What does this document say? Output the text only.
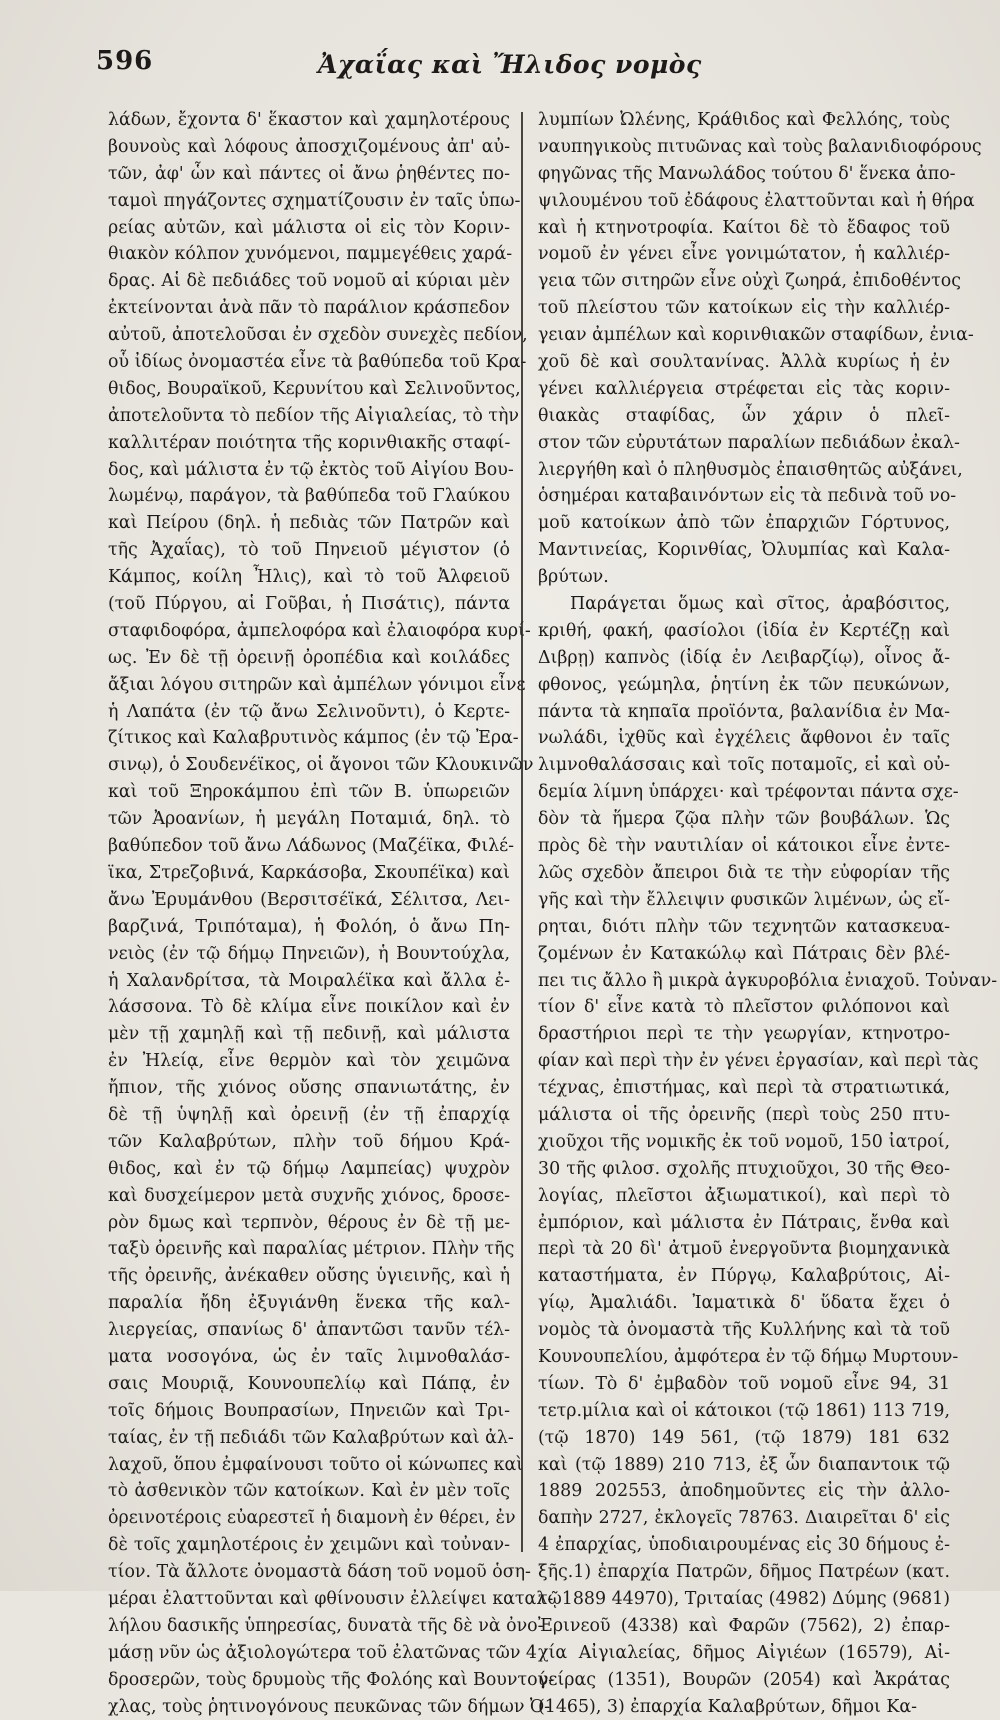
596	Ἀχαΐας καὶ Ἤλιδος νομὸς
λάδων, ἔχοντα δ' ἕκαστον καὶ χαμηλοτέρους
βουνοὺς καὶ λόφους ἀποσχιζομένους ἀπ' αὐ-
τῶν, ἀφ' ὧν καὶ πάντες οἱ ἄνω ῥηθέντες πο-
ταμοὶ πηγάζοντες σχηματίζουσιν ἐν ταῖς ὑπω-
ρείας αὐτῶν, καὶ μάλιστα οἱ εἰς τὸν Κοριν-
θιακὸν κόλπον χυνόμενοι, παμμεγέθεις χαρά-
δρας. Αἱ δὲ πεδιάδες τοῦ νομοῦ αἱ κύριαι μὲν
ἐκτείνονται ἀνὰ πᾶν τὸ παράλιον κράσπεδον
αὐτοῦ, ἀποτελοῦσαι ἐν σχεδὸν συνεχὲς πεδίον,
οὗ ἰδίως ὀνομαστέα εἶνε τὰ βαθύπεδα τοῦ Κρα-
θιδος, Βουραϊκοῦ, Κερυνίτου καὶ Σελινοῦντος,
ἀποτελοῦντα τὸ πεδίον τῆς Αἰγιαλείας, τὸ τὴν
καλλιτέραν ποιότητα τῆς κορινθιακῆς σταφί-
δος, καὶ μάλιστα ἐν τῷ ἐκτὸς τοῦ Αἰγίου Βου-
λωμένῳ, παράγον, τὰ βαθύπεδα τοῦ Γλαύκου
καὶ Πείρου (δηλ. ἡ πεδιὰς τῶν Πατρῶν καὶ
τῆς Ἀχαΐας), τὸ τοῦ Πηνειοῦ μέγιστον (ὁ
Κάμπος, κοίλη Ἦλις), καὶ τὸ τοῦ Ἀλφειοῦ
(τοῦ Πύργου, αἱ Γοῦβαι, ἡ Πισάτις), πάντα
σταφιδοφόρα, ἀμπελοφόρα καὶ ἐλαιοφόρα κυρί-
ως. Ἐν δὲ τῇ ὀρεινῇ ὀροπέδια καὶ κοιλάδες
ἄξιαι λόγου σιτηρῶν καὶ ἀμπέλων γόνιμοι εἶνε
ἡ Λαπάτα (ἐν τῷ ἄνω Σελινοῦντι), ὁ Κερτε-
ζίτικος καὶ Καλαβρυτινὸς κάμπος (ἐν τῷ Ἐρα-
σινῳ), ὁ Σουδενέϊκος, οἱ ἄγονοι τῶν Κλουκινῶν
καὶ τοῦ Ξηροκάμπου ἐπὶ τῶν Β. ὑπωρειῶν
τῶν Ἀροανίων, ἡ μεγάλη Ποταμιά, δηλ. τὸ
βαθύπεδον τοῦ ἄνω Λάδωνος (Μαζέϊκα, Φιλέ-
ϊκα, Στρεζοβινά, Καρκάσοβα, Σκουπέϊκα) καὶ
ἄνω Ἐρυμάνθου (Βερσιτσέϊκά, Σέλιτσα, Λει-
βαρζινά, Τριπόταμα), ἡ Φολόη, ὁ ἄνω Πη-
νειὸς (ἐν τῷ δήμῳ Πηνειῶν), ἡ Βουντούχλα,
ἡ Χαλανδρίτσα, τὰ Μοιραλέϊκα καὶ ἄλλα ἐ-
λάσσονα. Τὸ δὲ κλίμα εἶνε ποικίλον καὶ ἐν
μὲν τῇ χαμηλῇ καὶ τῇ πεδινῇ, καὶ μάλιστα
ἐν Ἠλείᾳ, εἶνε θερμὸν καὶ τὸν χειμῶνα
ἤπιον, τῆς χιόνος οὔσης σπανιωτάτης, ἐν
δὲ τῇ ὑψηλῇ καὶ ὀρεινῇ (ἐν τῇ ἐπαρχίᾳ
τῶν Καλαβρύτων, πλὴν τοῦ δήμου Κρά-
θιδος, καὶ ἐν τῷ δήμῳ Λαμπείας) ψυχρὸν
καὶ δυσχείμερον μετὰ συχνῆς χιόνος, δροσε-
ρὸν δμως καὶ τερπνὸν, θέρους ἐν δὲ τῇ με-
ταξὺ ὀρεινῆς καὶ παραλίας μέτριον. Πλὴν τῆς
τῆς ὀρεινῆς, ἀνέκαθεν οὔσης ὑγιεινῆς, καὶ ἡ
παραλία ἤδη ἐξυγιάνθη ἕνεκα τῆς καλ-
λιεργείας, σπανίως δ' ἀπαντῶσι τανῦν τέλ-
ματα νοσογόνα, ὡς ἐν ταῖς λιμνοθαλάσ-
σαις Μουριᾷ, Κουνουπελίῳ καὶ Πάπᾳ, ἐν
τοῖς δήμοις Βουπρασίων, Πηνειῶν καὶ Τρι-
ταίας, ἐν τῇ πεδιάδι τῶν Καλαβρύτων καὶ ἀλ-
λαχοῦ, ὅπου ἐμφαίνουσι τοῦτο οἱ κώνωπες καὶ
τὸ ἀσθενικὸν τῶν κατοίκων. Καὶ ἐν μὲν τοῖς
ὀρεινοτέροις εὐαρεστεῖ ἡ διαμονὴ ἐν θέρει, ἐν
δὲ τοῖς χαμηλοτέροις ἐν χειμῶνι καὶ τοὐναν-
τίον. Τὰ ἄλλοτε ὀνομαστὰ δάση τοῦ νομοῦ ὁση-
μέραι ἐλαττοῦνται καὶ φθίνουσιν ἐλλείψει καταλ-
λήλου δασικῆς ὑπηρεσίας, δυνατὰ τῆς δὲ νὰ ὀνο-
μάσῃ νῦν ὡς ἀξιολογώτερα τοῦ ἐλατῶνας τῶν 4
δροσερῶν, τοὺς δρυμοὺς τῆς Φολόης καὶ Βουντού-
χλας, τοὺς ῥητινογόνους πευκῶνας τῶν δήμων Ὀ-
λυμπίων Ὠλένης, Κράθιδος καὶ Φελλόης, τοὺς
ναυπηγικοὺς πιτυῶνας καὶ τοὺς βαλανιδιοφόρους
φηγῶνας τῆς Μανωλάδος τούτου δ' ἕνεκα ἀπο-
ψιλουμένου τοῦ ἐδάφους ἐλαττοῦνται καὶ ἡ θήρα
καὶ ἡ κτηνοτροφία. Καίτοι δὲ τὸ ἔδαφος τοῦ
νομοῦ ἐν γένει εἶνε γονιμώτατον, ἡ καλλιέρ-
γεια τῶν σιτηρῶν εἶνε οὐχὶ ζωηρά, ἐπιδοθέντος
τοῦ πλείστου τῶν κατοίκων εἰς τὴν καλλιέρ-
γειαν ἀμπέλων καὶ κορινθιακῶν σταφίδων, ἐνια-
χοῦ δὲ καὶ σουλτανίνας. Ἀλλὰ κυρίως ἡ ἐν
γένει καλλιέργεια στρέφεται εἰς τὰς κοριν-
θιακὰς σταφίδας, ὧν χάριν ὁ πλεῖ-
στον τῶν εὐρυτάτων παραλίων πεδιάδων ἐκαλ-
λιεργήθη καὶ ὁ πληθυσμὸς ἐπαισθητῶς αὐξάνει,
ὁσημέραι καταβαινόντων εἰς τὰ πεδινὰ τοῦ νο-
μοῦ κατοίκων ἀπὸ τῶν ἐπαρχιῶν Γόρτυνος,
Μαντινείας, Κορινθίας, Ὀλυμπίας καὶ Καλα-
βρύτων.
Παράγεται ὅμως καὶ σῖτος, ἀραβόσιτος,
κριθή, φακή, φασίολοι (ἰδία ἐν Κερτέζῃ καὶ
Διβρῃ) καπνὸς (ἰδίᾳ ἐν Λειβαρζίῳ), οἶνος ἄ-
φθονος, γεώμηλα, ῥητίνη ἐκ τῶν πευκώνων,
πάντα τὰ κηπαῖα προϊόντα, βαλανίδια ἐν Μα-
νωλάδι, ἰχθῦς καὶ ἐγχέλεις ἄφθονοι ἐν ταῖς
λιμνοθαλάσσαις καὶ τοῖς ποταμοῖς, εἰ καὶ οὐ-
δεμία λίμνη ὑπάρχει· καὶ τρέφονται πάντα σχε-
δὸν τὰ ἥμερα ζῷα πλὴν τῶν βουβάλων. Ὡς
πρὸς δὲ τὴν ναυτιλίαν οἱ κάτοικοι εἶνε ἐντε-
λῶς σχεδὸν ἄπειροι διὰ τε τὴν εὐφορίαν τῆς
γῆς καὶ τὴν ἔλλειψιν φυσικῶν λιμένων, ὡς εἴ-
ρηται, διότι πλὴν τῶν τεχνητῶν κατασκευα-
ζομένων ἐν Κατακώλῳ καὶ Πάτραις δὲν βλέ-
πει τις ἄλλο ἢ μικρὰ ἀγκυροβόλια ἐνιαχοῦ. Τοὐναν-
τίον δ' εἶνε κατὰ τὸ πλεῖστον φιλόπονοι καὶ
δραστήριοι περὶ τε τὴν γεωργίαν, κτηνοτρο-
φίαν καὶ περὶ τὴν ἐν γένει ἐργασίαν, καὶ περὶ τὰς
τέχνας, ἐπιστήμας, καὶ περὶ τὰ στρατιωτικά,
μάλιστα οἱ τῆς ὀρεινῆς (περὶ τοὺς 250 πτυ-
χιοῦχοι τῆς νομικῆς ἐκ τοῦ νομοῦ, 150 ἰατροί,
30 τῆς φιλοσ. σχολῆς πτυχιοῦχοι, 30 τῆς Θεο-
λογίας, πλεῖστοι ἀξιωματικοί), καὶ περὶ τὸ
ἐμπόριον, καὶ μάλιστα ἐν Πάτραις, ἔνθα καὶ
περὶ τὰ 20 δὶ' ἀτμοῦ ἐνεργοῦντα βιομηχανικὰ
καταστήματα, ἐν Πύργῳ, Καλαβρύτοις, Αἰ-
γίῳ, Ἀμαλιάδι. Ἰαματικὰ δ' ὕδατα ἔχει ὁ
νομὸς τὰ ὀνομαστὰ τῆς Κυλλήνης καὶ τὰ τοῦ
Κουνουπελίου, ἀμφότερα ἐν τῷ δήμῳ Μυρτουν-
τίων. Τὸ δ' ἐμβαδὸν τοῦ νομοῦ εἶνε 94, 31
τετρ.μίλια καὶ οἱ κάτοικοι (τῷ 1861) 113 719,
(τῷ 1870) 149 561, (τῷ 1879) 181 632
καὶ (τῷ 1889) 210 713, ἐξ ὧν διαπαντοικ τῷ
1889 202553, ἀποδημοῦντες εἰς τὴν ἀλλο-
δαπὴν 2727, ἐκλογεῖς 78763. Διαιρεῖται δ' εἰς
4 ἐπαρχίας, ὑποδιαιρουμένας εἰς 30 δήμους ἐ-
ξῆς.1) ἐπαρχία Πατρῶν, δῆμος Πατρέων (κατ.
τῷ1889 44970), Τριταίας (4982) Δύμης (9681)
Ἐρινεοῦ (4338) καὶ Φαρῶν (7562), 2) ἐπαρ-
χία Αἰγιαλείας, δῆμος Αἰγιέων (16579), Αἰ-
γείρας (1351), Βουρῶν (2054) καὶ Ἀκράτας
(1465), 3) ἐπαρχία Καλαβρύτων, δῆμοι Κα-
